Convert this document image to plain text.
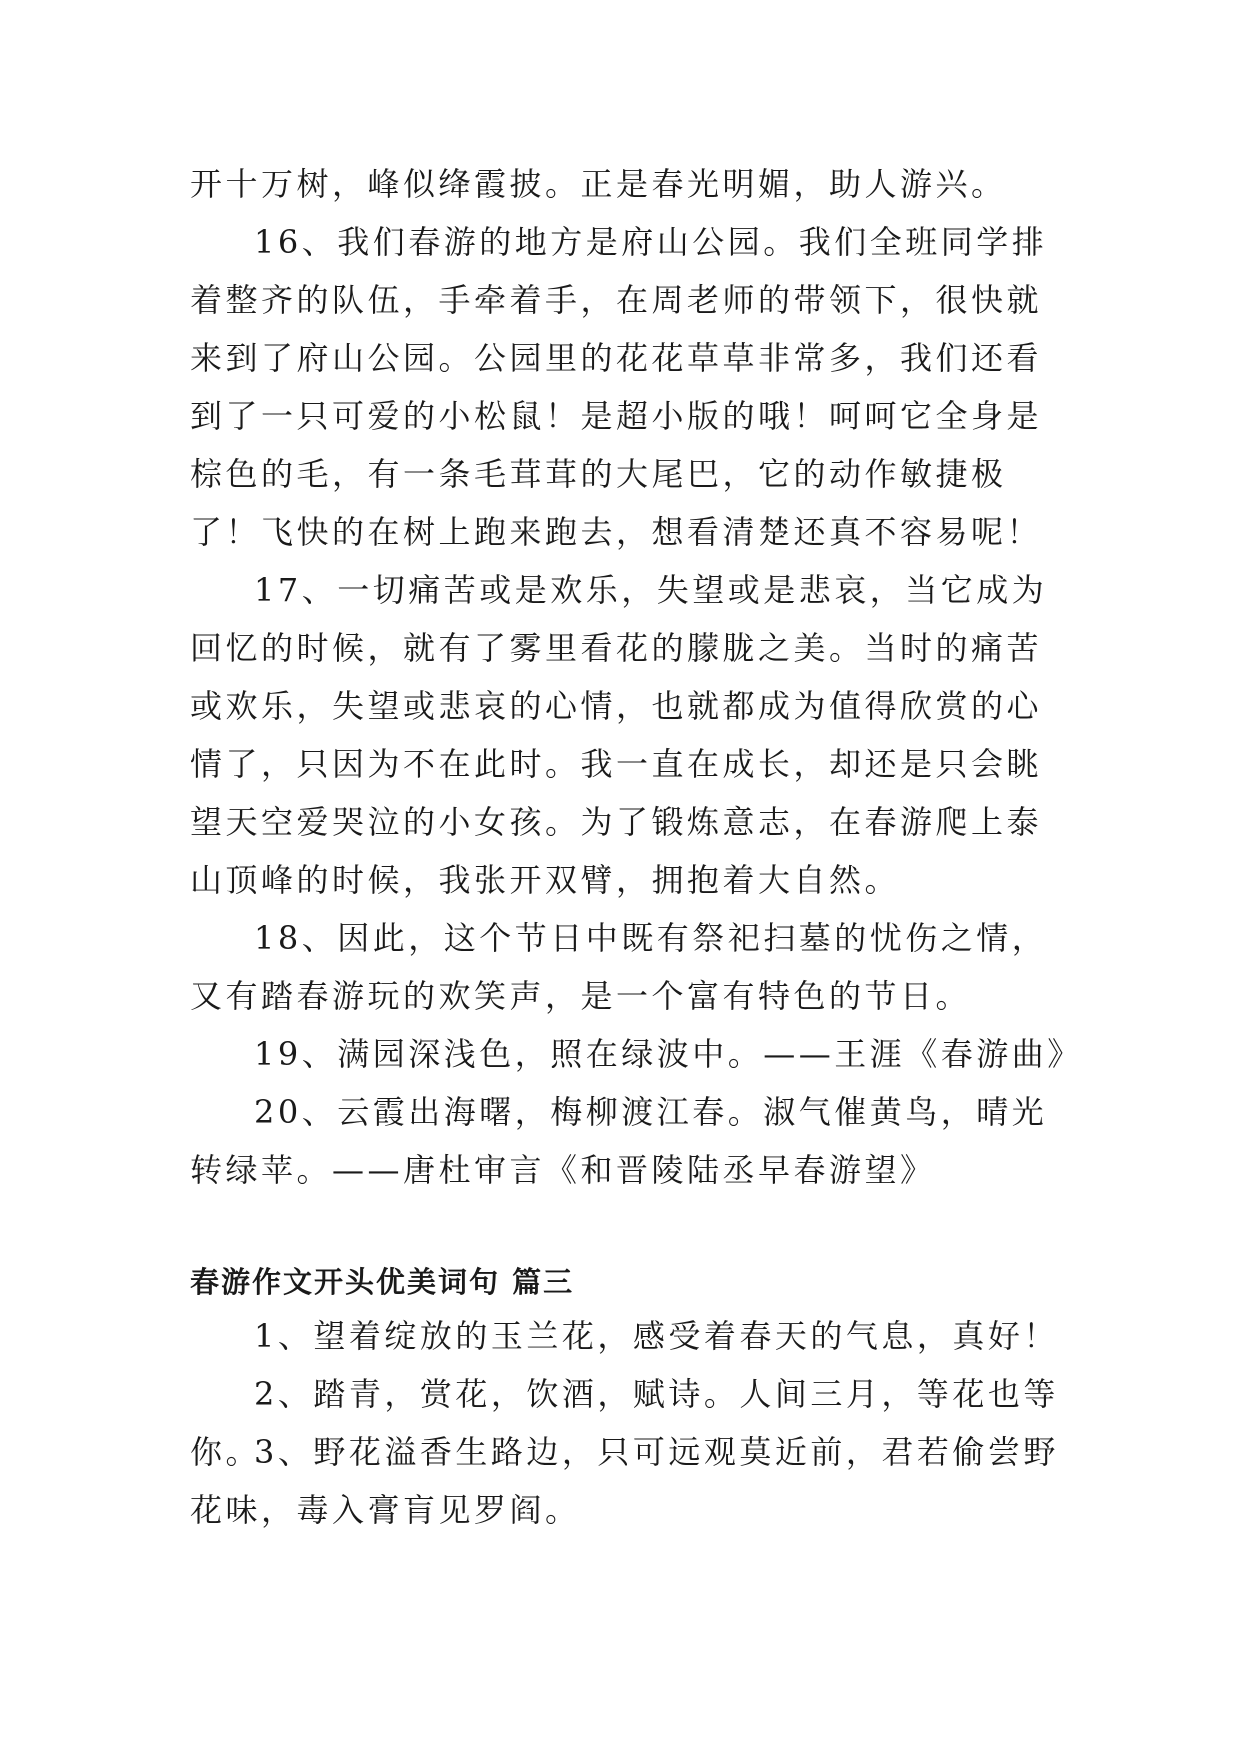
开十万树，峰似绛霞披。正是春光明媚，助人游兴。

16、我们春游的地方是府山公园。我们全班同学排着整齐的队伍，手牵着手，在周老师的带领下，很快就来到了府山公园。公园里的花花草草非常多，我们还看到了一只可爱的小松鼠！是超小版的哦！呵呵它全身是棕色的毛，有一条毛茸茸的大尾巴，它的动作敏捷极了！飞快的在树上跑来跑去，想看清楚还真不容易呢！

17、一切痛苦或是欢乐，失望或是悲哀，当它成为回忆的时候，就有了雾里看花的朦胧之美。当时的痛苦或欢乐，失望或悲哀的心情，也就都成为值得欣赏的心情了，只因为不在此时。我一直在成长，却还是只会眺望天空爱哭泣的小女孩。为了锻炼意志，在春游爬上泰山顶峰的时候，我张开双臂，拥抱着大自然。

18、因此，这个节日中既有祭祀扫墓的忧伤之情，又有踏春游玩的欢笑声，是一个富有特色的节日。

19、满园深浅色，照在绿波中。——王涯《春游曲》

20、云霞出海曙，梅柳渡江春。淑气催黄鸟，晴光转绿苹。——唐杜审言《和晋陵陆丞早春游望》

春游作文开头优美词句 篇三

1、望着绽放的玉兰花，感受着春天的气息，真好！

2、踏青，赏花，饮酒，赋诗。人间三月，等花也等你。

3、野花溢香生路边，只可远观莫近前，君若偷尝野花味，毒入膏肓见罗阎。
